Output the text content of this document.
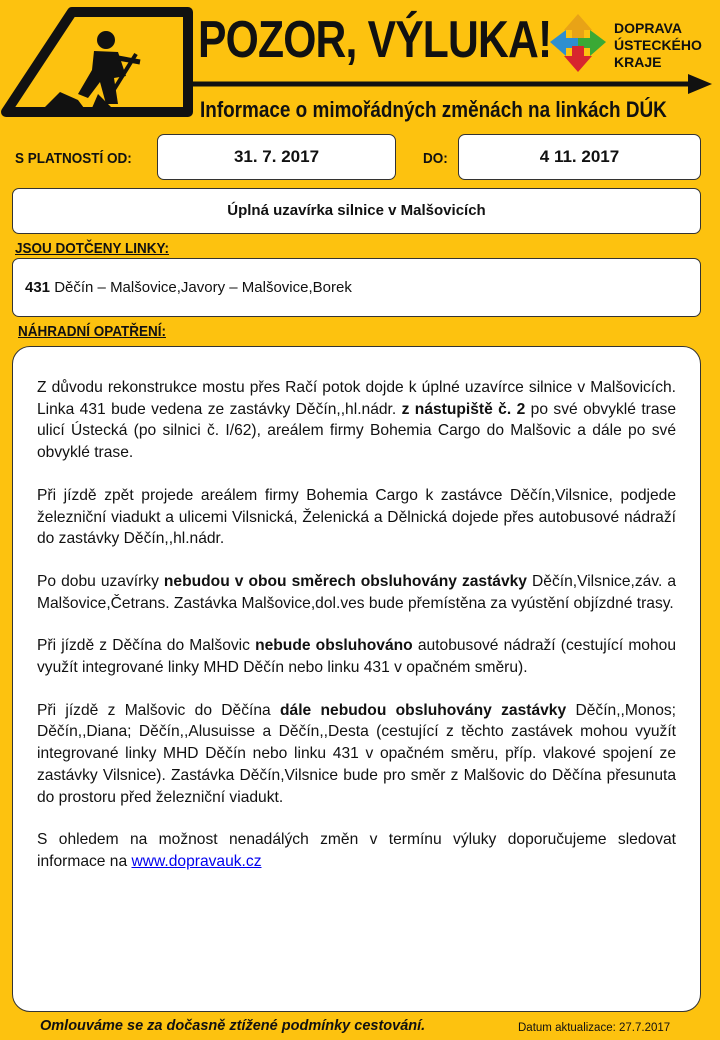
POZOR, VÝLUKA!
Informace o mimořádných změnách na linkách DÚK
DOPRAVA
ÚSTECKÉHO
KRAJE
S PLATNOSTÍ OD:	31. 7. 2017	DO:	4 11. 2017
Úplná uzavírka silnice v Malšovicích
JSOU DOTČENY LINKY:
431 Děčín – Malšovice,Javory – Malšovice,Borek
NÁHRADNÍ OPATŘENÍ:

Z důvodu rekonstrukce mostu přes Račí potok dojde k úplné uzavírce silnice v Malšovicích. Linka 431 bude vedena ze zastávky Děčín,,hl.nádr. z nástupiště č. 2 po své obvyklé trase ulicí Ústecká (po silnici č. I/62), areálem firmy Bohemia Cargo do Malšovic a dále po své obvyklé trase.

Při jízdě zpět projede areálem firmy Bohemia Cargo k zastávce Děčín,Vilsnice, podjede železniční viadukt a ulicemi Vilsnická, Želenická a Dělnická dojede přes autobusové nádraží do zastávky Děčín,,hl.nádr.

Po dobu uzavírky nebudou v obou směrech obsluhovány zastávky Děčín,Vilsnice,záv. a Malšovice,Četrans. Zastávka Malšovice,dol.ves bude přemístěna za vyústění objízdné trasy.

Při jízdě z Děčína do Malšovic nebude obsluhováno autobusové nádraží (cestující mohou využít integrované linky MHD Děčín nebo linku 431 v opačném směru).

Při jízdě z Malšovic do Děčína dále nebudou obsluhovány zastávky Děčín,,Monos; Děčín,,Diana; Děčín,,Alusuisse a Děčín,,Desta (cestující z těchto zastávek mohou využít integrované linky MHD Děčín nebo linku 431 v opačném směru, příp. vlakové spojení ze zastávky Vilsnice). Zastávka Děčín,Vilsnice bude pro směr z Malšovic do Děčína přesunuta do prostoru před železniční viadukt.

S ohledem na možnost nenadálých změn v termínu výluky doporučujeme sledovat informace na www.dopravauk.cz

Omlouváme se za dočasně ztížené podmínky cestování.	Datum aktualizace: 27.7.2017
